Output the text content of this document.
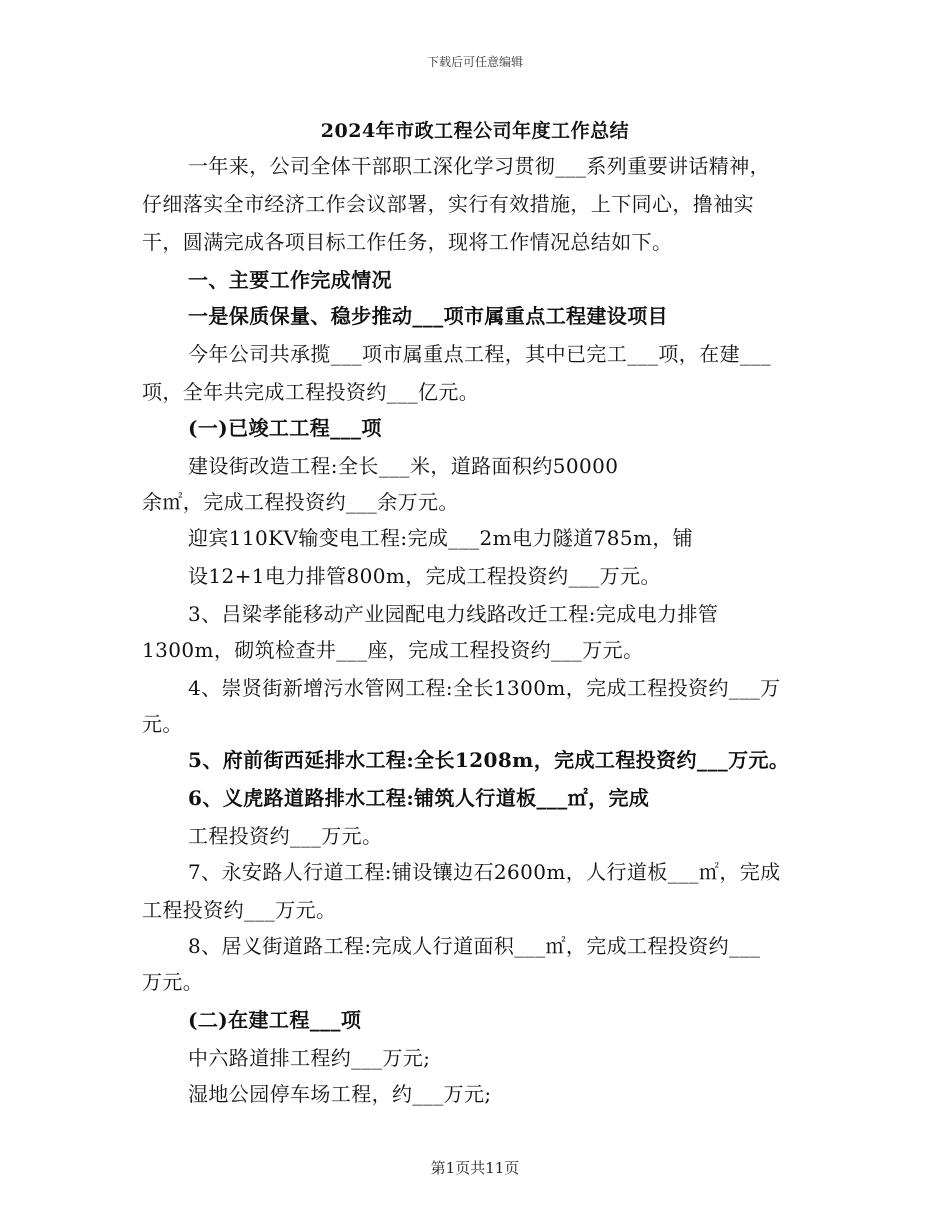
下载后可任意编辑
2024年市政工程公司年度工作总结
一年来，公司全体干部职工深化学习贯彻___系列重要讲话精神，
仔细落实全市经济工作会议部署，实行有效措施，上下同心，撸袖实
干，圆满完成各项目标工作任务，现将工作情况总结如下。
一、主要工作完成情况
一是保质保量、稳步推动___项市属重点工程建设项目
今年公司共承揽___项市属重点工程，其中已完工___项，在建___
项，全年共完成工程投资约___亿元。
(一)已竣工工程___项
建设街改造工程:全长___米，道路面积约50000
余㎡，完成工程投资约___余万元。
迎宾110KV输变电工程:完成___2m电力隧道785m，铺
设12+1电力排管800m，完成工程投资约___万元。
3、吕梁孝能移动产业园配电力线路改迁工程:完成电力排管
1300m，砌筑检查井___座，完成工程投资约___万元。
4、崇贤街新增污水管网工程:全长1300m，完成工程投资约___万
元。
5、府前街西延排水工程:全长1208m，完成工程投资约___万元。
6、义虎路道路排水工程:铺筑人行道板___㎡，完成
工程投资约___万元。
7、永安路人行道工程:铺设镶边石2600m，人行道板___㎡，完成
工程投资约___万元。
8、居义街道路工程:完成人行道面积___㎡，完成工程投资约___
万元。
(二)在建工程___项
中六路道排工程约___万元;
湿地公园停车场工程，约___万元;
第1页共11页
